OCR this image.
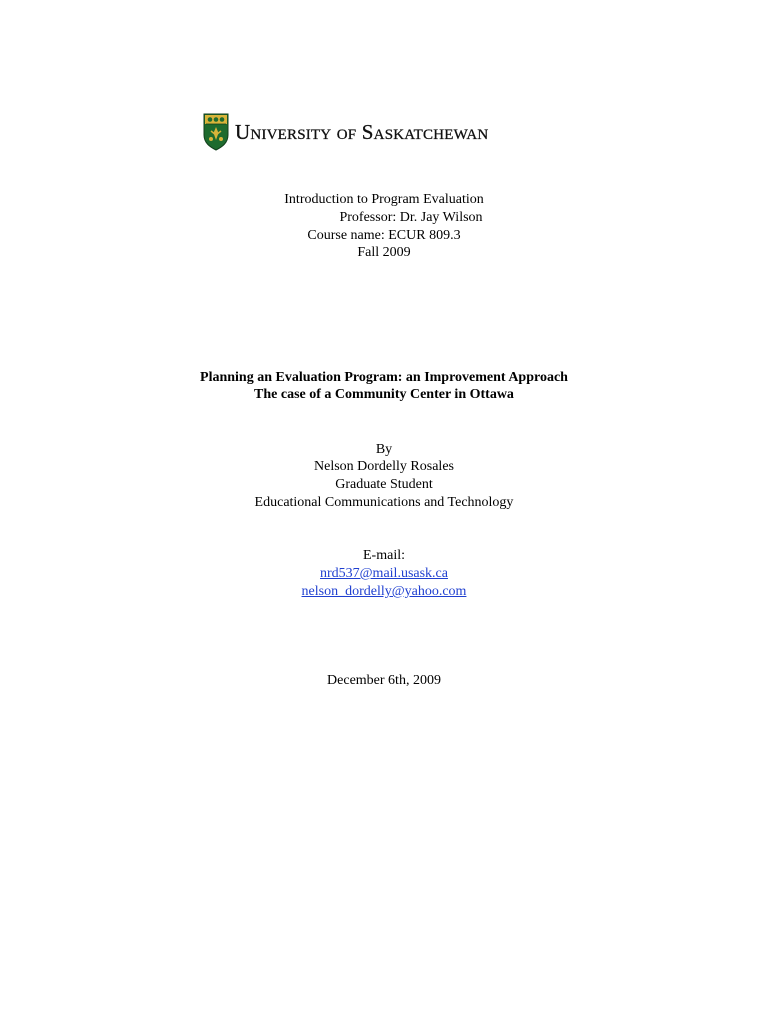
University of Saskatchewan
Introduction to Program Evaluation
Professor: Dr. Jay Wilson
Course name: ECUR 809.3
Fall 2009
Planning an Evaluation Program: an Improvement Approach
The case of a Community Center in Ottawa
By
Nelson Dordelly Rosales
Graduate Student
Educational Communications and Technology
E-mail:
nrd537@mail.usask.ca
nelson_dordelly@yahoo.com
December 6th, 2009
